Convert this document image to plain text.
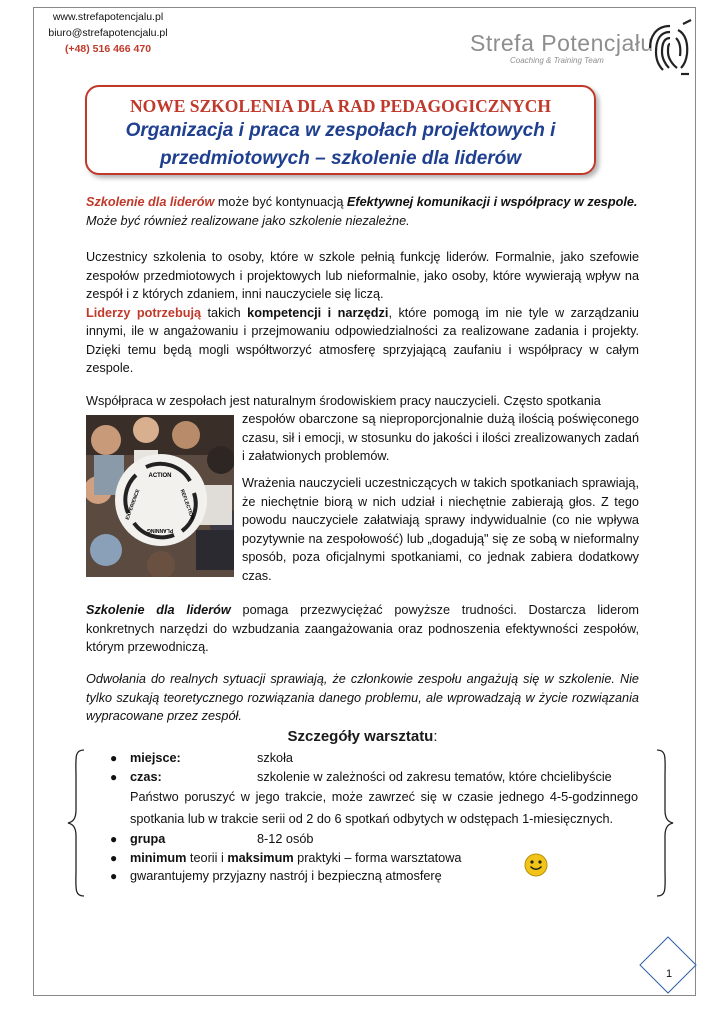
www.strefapotencjalu.pl
biuro@strefapotencjalu.pl
(+48) 516 466 470	Strefa Potencjału
Coaching & Training Team
NOWE SZKOLENIA DLA RAD PEDAGOGICZNYCH
Organizacja i praca w zespołach projektowych i
przedmiotowych – szkolenie dla liderów
Szkolenie dla liderów może być kontynuacją Efektywnej komunikacji i współpracy w zespole.
Może być również realizowane jako szkolenie niezależne.
Uczestnicy szkolenia to osoby, które w szkole pełnią funkcję liderów. Formalnie, jako szefowie zespołów przedmiotowych i projektowych lub nieformalnie, jako osoby, które wywierają wpływ na zespół i z których zdaniem, inni nauczyciele się liczą.
Liderzy potrzebują takich kompetencji i narzędzi, które pomogą im nie tyle w zarządzaniu innymi, ile w angażowaniu i przejmowaniu odpowiedzialności za realizowane zadania i projekty. Dzięki temu będą mogli współtworzyć atmosferę sprzyjającą zaufaniu i współpracy w całym zespole.
Współpraca w zespołach jest naturalnym środowiskiem pracy nauczycieli. Często spotkania
ACTION
REFLECTION
PLANNING
EXPERIENCE
zespołów obarczone są nieproporcjonalnie dużą ilością poświęconego czasu, sił i emocji, w stosunku do jakości i ilości zrealizowanych zadań i załatwionych problemów.
Wrażenia nauczycieli uczestniczących w takich spotkaniach sprawiają, że niechętnie biorą w nich udział i niechętnie zabierają głos. Z tego powodu nauczyciele załatwiają sprawy indywidualnie (co nie wpływa pozytywnie na zespołowość) lub „dogadują" się ze sobą w nieformalny sposób, poza oficjalnymi spotkaniami, co jednak zabiera dodatkowy czas.
Szkolenie dla liderów pomaga przezwyciężać powyższe trudności. Dostarcza liderom konkretnych narzędzi do wzbudzania zaangażowania oraz podnoszenia efektywności zespołów, którym przewodniczą.
Odwołania do realnych sytuacji sprawiają, że członkowie zespołu angażują się w szkolenie. Nie tylko szukają teoretycznego rozwiązania danego problemu, ale wprowadzają w życie rozwiązania wypracowane przez zespół.
Szczegóły warsztatu:
● miejsce:	szkoła
● czas:	szkolenie w zależności od zakresu tematów, które chcielibyście
Państwo poruszyć w jego trakcie, może zawrzeć się w czasie jednego 4-5-godzinnego spotkania lub w trakcie serii od 2 do 6 spotkań odbytych w odstępach 1-miesięcznych.
● grupa	8-12 osób
● minimum teorii i maksimum praktyki – forma warsztatowa
● gwarantujemy przyjazny nastrój i bezpieczną atmosferę
1
